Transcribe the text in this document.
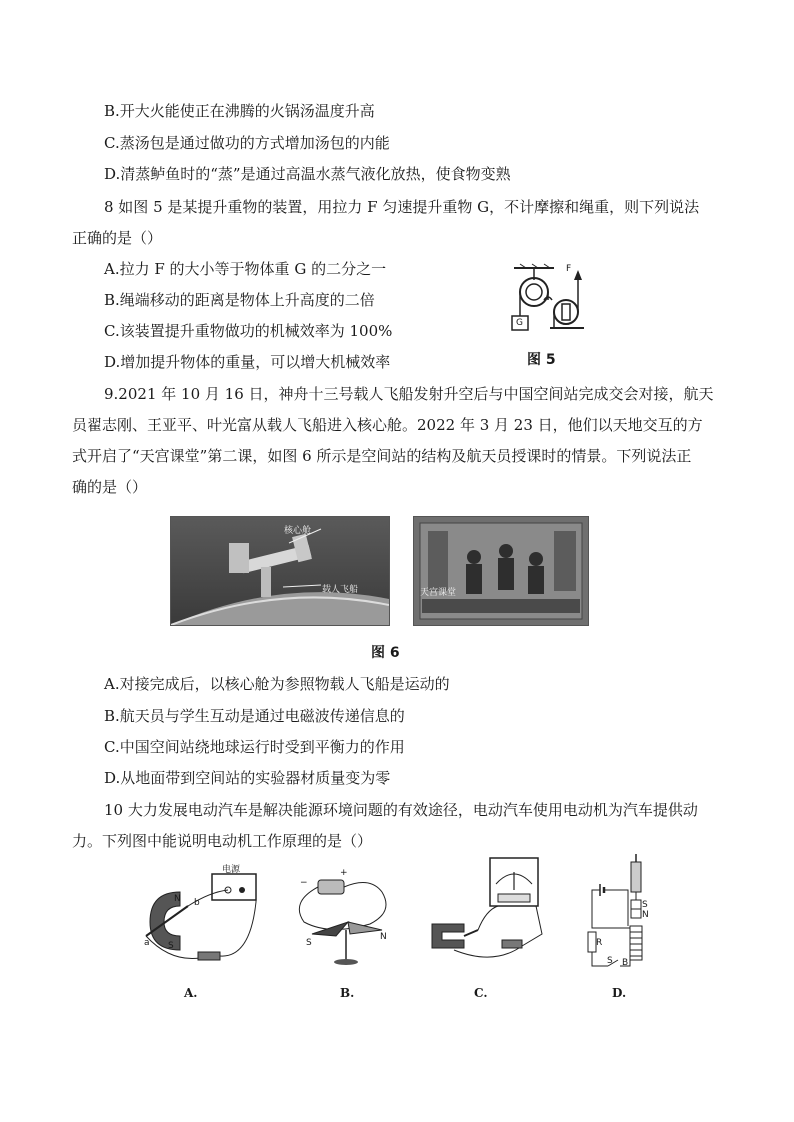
B.开大火能使正在沸腾的火锅汤温度升高
C.蒸汤包是通过做功的方式增加汤包的内能
D.清蒸鲈鱼时的“蒸”是通过高温水蒸气液化放热，使食物变熟
8 如图 5 是某提升重物的装置，用拉力 F 匀速提升重物 G，不计摩擦和绳重，则下列说法
正确的是（）
A.拉力 F 的大小等于物体重 G 的二分之一
B.绳端移动的距离是物体上升高度的二倍
C.该装置提升重物做功的机械效率为 100%
D.增加提升物体的重量，可以增大机械效率
F
G
图 5
9.2021 年 10 月 16 日，神舟十三号载人飞船发射升空后与中国空间站完成交会对接，航天
员翟志刚、王亚平、叶光富从载人飞船进入核心舱。2022 年 3 月 23 日，他们以天地交互的方
式开启了“天宫课堂”第二课，如图 6 所示是空间站的结构及航天员授课时的情景。下列说法正
确的是（）
核心舱
载人飞船	天宫课堂
图 6
A.对接完成后，以核心舱为参照物载人飞船是运动的
B.航天员与学生互动是通过电磁波传递信息的
C.中国空间站绕地球运行时受到平衡力的作用
D.从地面带到空间站的实验器材质量变为零
10 大力发展电动汽车是解决能源环境问题的有效途径，电动汽车使用电动机为汽车提供动
力。下列图中能说明电动机工作原理的是（）
电源
N
S
a
b
A.
−
+
S
N
B.	C.
S
N
R
S B
D.
